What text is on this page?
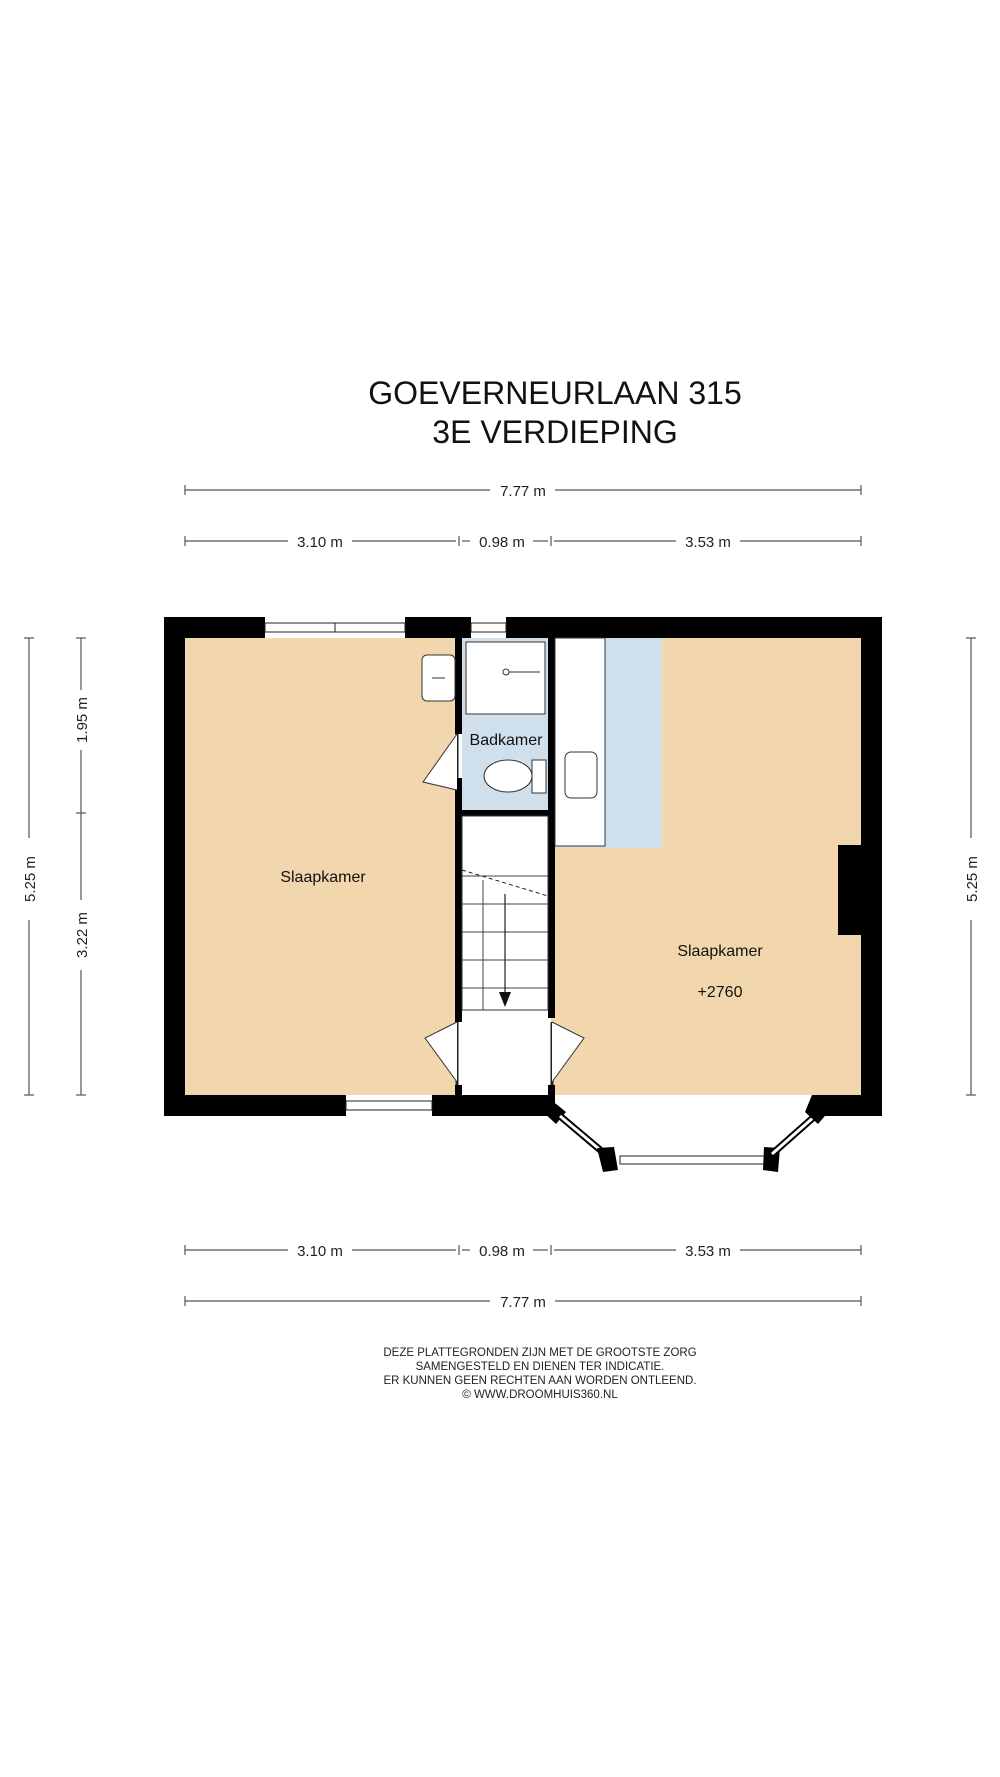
GOEVERNEURLAAN 315
3E VERDIEPING
7.77 m
3.10 m	0.98 m	3.53 m
5.25 m
1.95 m
3.22 m
5.25 m
Slaapkamer
Badkamer
Slaapkamer
+2760
3.10 m	0.98 m	3.53 m
7.77 m
DEZE PLATTEGRONDEN ZIJN MET DE GROOTSTE ZORG
SAMENGESTELD EN DIENEN TER INDICATIE.
ER KUNNEN GEEN RECHTEN AAN WORDEN ONTLEEND.
© WWW.DROOMHUIS360.NL
